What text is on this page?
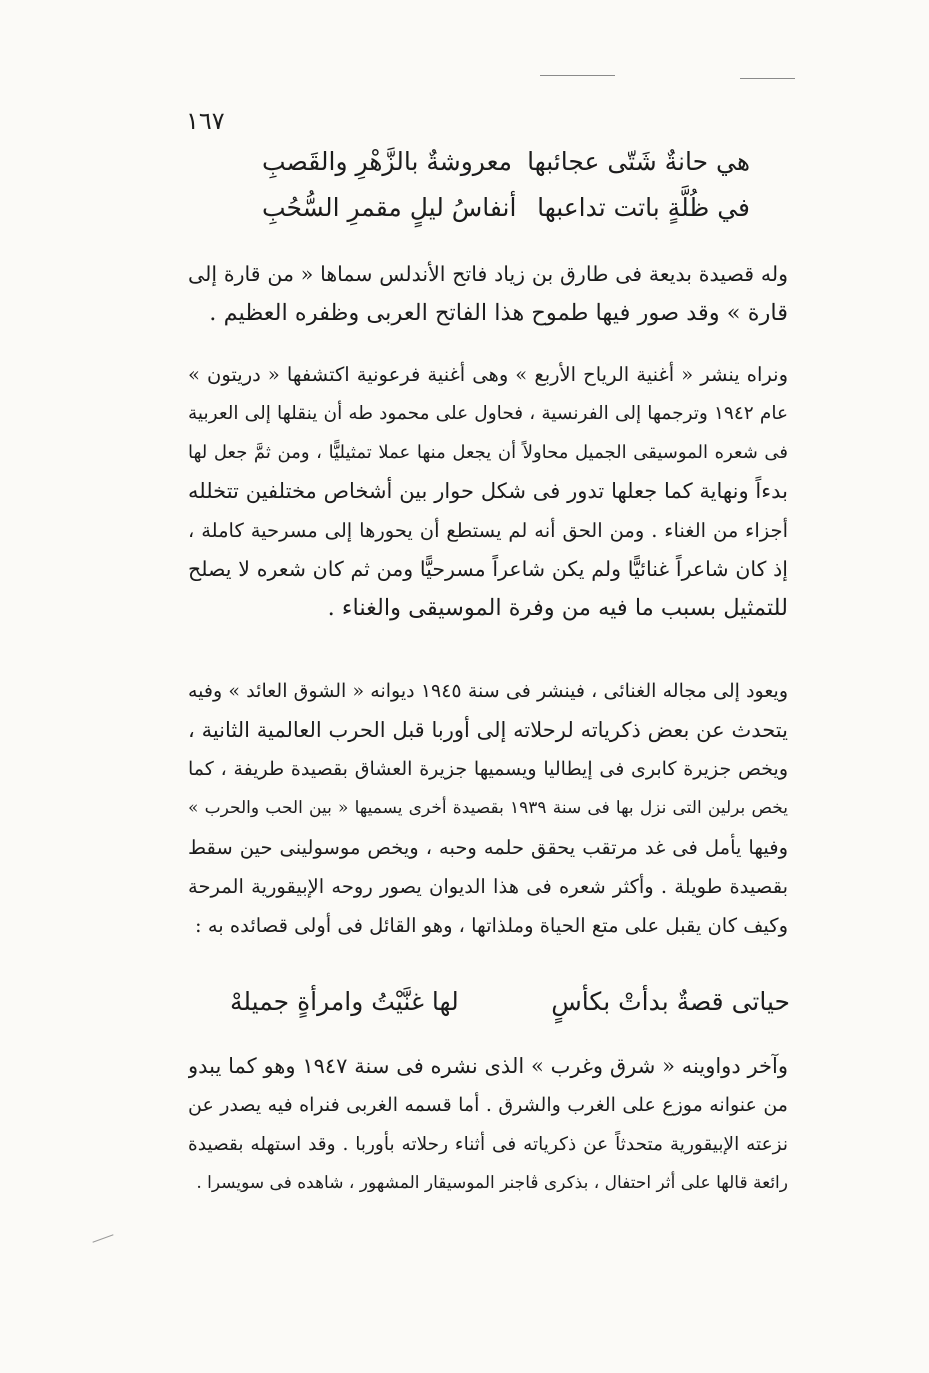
١٦٧
هي حانةٌ شَتّى عجائبها
معروشةٌ بالزَّهْرِ والقَصبِ
في ظُلَّةٍ باتت تداعبها
أنفاسُ ليلٍ مقمرِ السُّحُبِ
وله قصيدة بديعة فى طارق بن زياد فاتح الأندلس سماها « من قارة إلى
قارة » وقد صور فيها طموح هذا الفاتح العربى وظفره العظيم .
ونراه ينشر « أغنية الرياح الأربع » وهى أغنية فرعونية اكتشفها « دريتون »
عام ١٩٤٢ وترجمها إلى الفرنسية ، فحاول على محمود طه أن ينقلها إلى العربية
فى شعره الموسيقى الجميل محاولاً أن يجعل منها عملا تمثيليًّا ، ومن ثمَّ جعل لها
بدءاً ونهاية كما جعلها تدور فى شكل حوار بين أشخاص مختلفين تتخلله
أجزاء من الغناء . ومن الحق أنه لم يستطع أن يحورها إلى مسرحية كاملة ،
إذ كان شاعراً غنائيًّا ولم يكن شاعراً مسرحيًّا ومن ثم كان شعره لا يصلح
للتمثيل بسبب ما فيه من وفرة الموسيقى والغناء .
ويعود إلى مجاله الغنائى ، فينشر فى سنة ١٩٤٥ ديوانه « الشوق العائد » وفيه
يتحدث عن بعض ذكرياته لرحلاته إلى أوربا قبل الحرب العالمية الثانية ،
ويخص جزيرة كابرى فى إيطاليا ويسميها جزيرة العشاق بقصيدة طريفة ، كما
يخص برلين التى نزل بها فى سنة ١٩٣٩ بقصيدة أخرى يسميها « بين الحب والحرب »
وفيها يأمل فى غد مرتقب يحقق حلمه وحبه ، ويخص موسولينى حين سقط
بقصيدة طويلة . وأكثر شعره فى هذا الديوان يصور روحه الإبيقورية المرحة
وكيف كان يقبل على متع الحياة وملذاتها ، وهو القائل فى أولى قصائده به :
حياتى قصةٌ بدأتْ بكأسٍ
لها غنَّيْتُ وامرأةٍ جميلهْ
وآخر دواوينه « شرق وغرب » الذى نشره فى سنة ١٩٤٧ وهو كما يبدو
من عنوانه موزع على الغرب والشرق . أما قسمه الغربى فنراه فيه يصدر عن
نزعته الإبيقورية متحدثاً عن ذكرياته فى أثناء رحلاته بأوربا . وقد استهله بقصيدة
رائعة قالها على أثر احتفال ، بذكرى ڤاجنر الموسيقار المشهور ، شاهده فى سويسرا .
